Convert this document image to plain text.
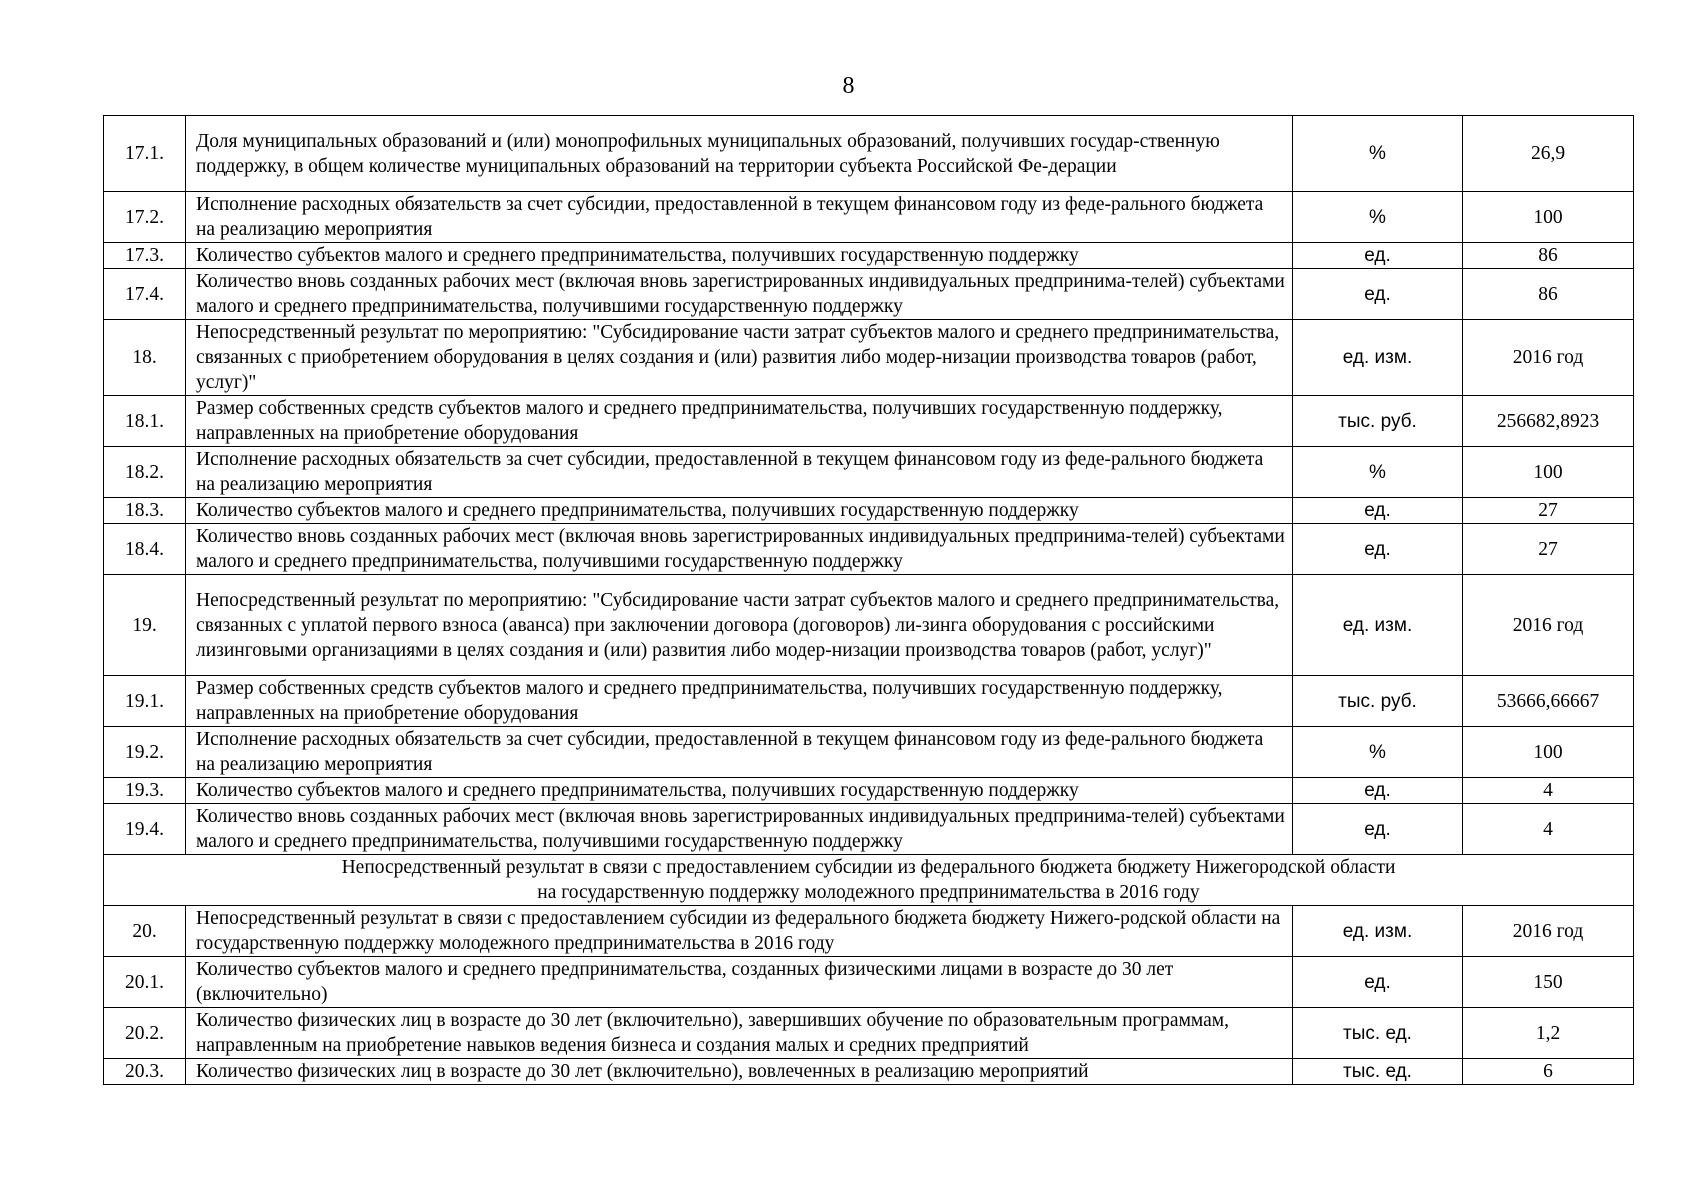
8
17.1.	Доля муниципальных образований и (или) монопрофильных муниципальных образований, получивших государ-ственную поддержку, в общем количестве муниципальных образований на территории субъекта Российской Фе-дерации	%	26,9
17.2.	Исполнение расходных обязательств за счет субсидии, предоставленной в текущем финансовом году из феде-рального бюджета на реализацию мероприятия	%	100
17.3.	Количество субъектов малого и среднего предпринимательства, получивших государственную поддержку	ед.	86
17.4.	Количество вновь созданных рабочих мест (включая вновь зарегистрированных индивидуальных предпринима-телей) субъектами малого и среднего предпринимательства, получившими государственную поддержку	ед.	86
18.	Непосредственный результат по мероприятию: "Субсидирование части затрат субъектов малого и среднего предпринимательства, связанных с приобретением оборудования в целях создания и (или) развития либо модер-низации производства товаров (работ, услуг)"	ед. изм.	2016 год
18.1.	Размер собственных средств субъектов малого и среднего предпринимательства, получивших государственную поддержку, направленных на приобретение оборудования	тыс. руб.	256682,8923
18.2.	Исполнение расходных обязательств за счет субсидии, предоставленной в текущем финансовом году из феде-рального бюджета на реализацию мероприятия	%	100
18.3.	Количество субъектов малого и среднего предпринимательства, получивших государственную поддержку	ед.	27
18.4.	Количество вновь созданных рабочих мест (включая вновь зарегистрированных индивидуальных предпринима-телей) субъектами малого и среднего предпринимательства, получившими государственную поддержку	ед.	27
19.	Непосредственный результат по мероприятию: "Субсидирование части затрат субъектов малого и среднего предпринимательства, связанных с уплатой первого взноса (аванса) при заключении договора (договоров) ли-зинга оборудования с российскими лизинговыми организациями в целях создания и (или) развития либо модер-низации производства товаров (работ, услуг)"	ед. изм.	2016 год
19.1.	Размер собственных средств субъектов малого и среднего предпринимательства, получивших государственную поддержку, направленных на приобретение оборудования	тыс. руб.	53666,66667
19.2.	Исполнение расходных обязательств за счет субсидии, предоставленной в текущем финансовом году из феде-рального бюджета на реализацию мероприятия	%	100
19.3.	Количество субъектов малого и среднего предпринимательства, получивших государственную поддержку	ед.	4
19.4.	Количество вновь созданных рабочих мест (включая вновь зарегистрированных индивидуальных предпринима-телей) субъектами малого и среднего предпринимательства, получившими государственную поддержку	ед.	4

Непосредственный результат в связи с предоставлением субсидии из федерального бюджета бюджету Нижегородской области
на государственную поддержку молодежного предпринимательства в 2016 году			

20.	Непосредственный результат в связи с предоставлением субсидии из федерального бюджета бюджету Нижего-родской области на государственную поддержку молодежного предпринимательства в 2016 году	ед. изм.	2016 год
20.1.	Количество субъектов малого и среднего предпринимательства, созданных физическими лицами в возрасте до 30 лет (включительно)	ед.	150
20.2.	Количество физических лиц в возрасте до 30 лет (включительно), завершивших обучение по образовательным программам, направленным на приобретение навыков ведения бизнеса и создания малых и средних предприятий	тыс. ед.	1,2
20.3.	Количество физических лиц в возрасте до 30 лет (включительно), вовлеченных в реализацию мероприятий	тыс. ед.	6
